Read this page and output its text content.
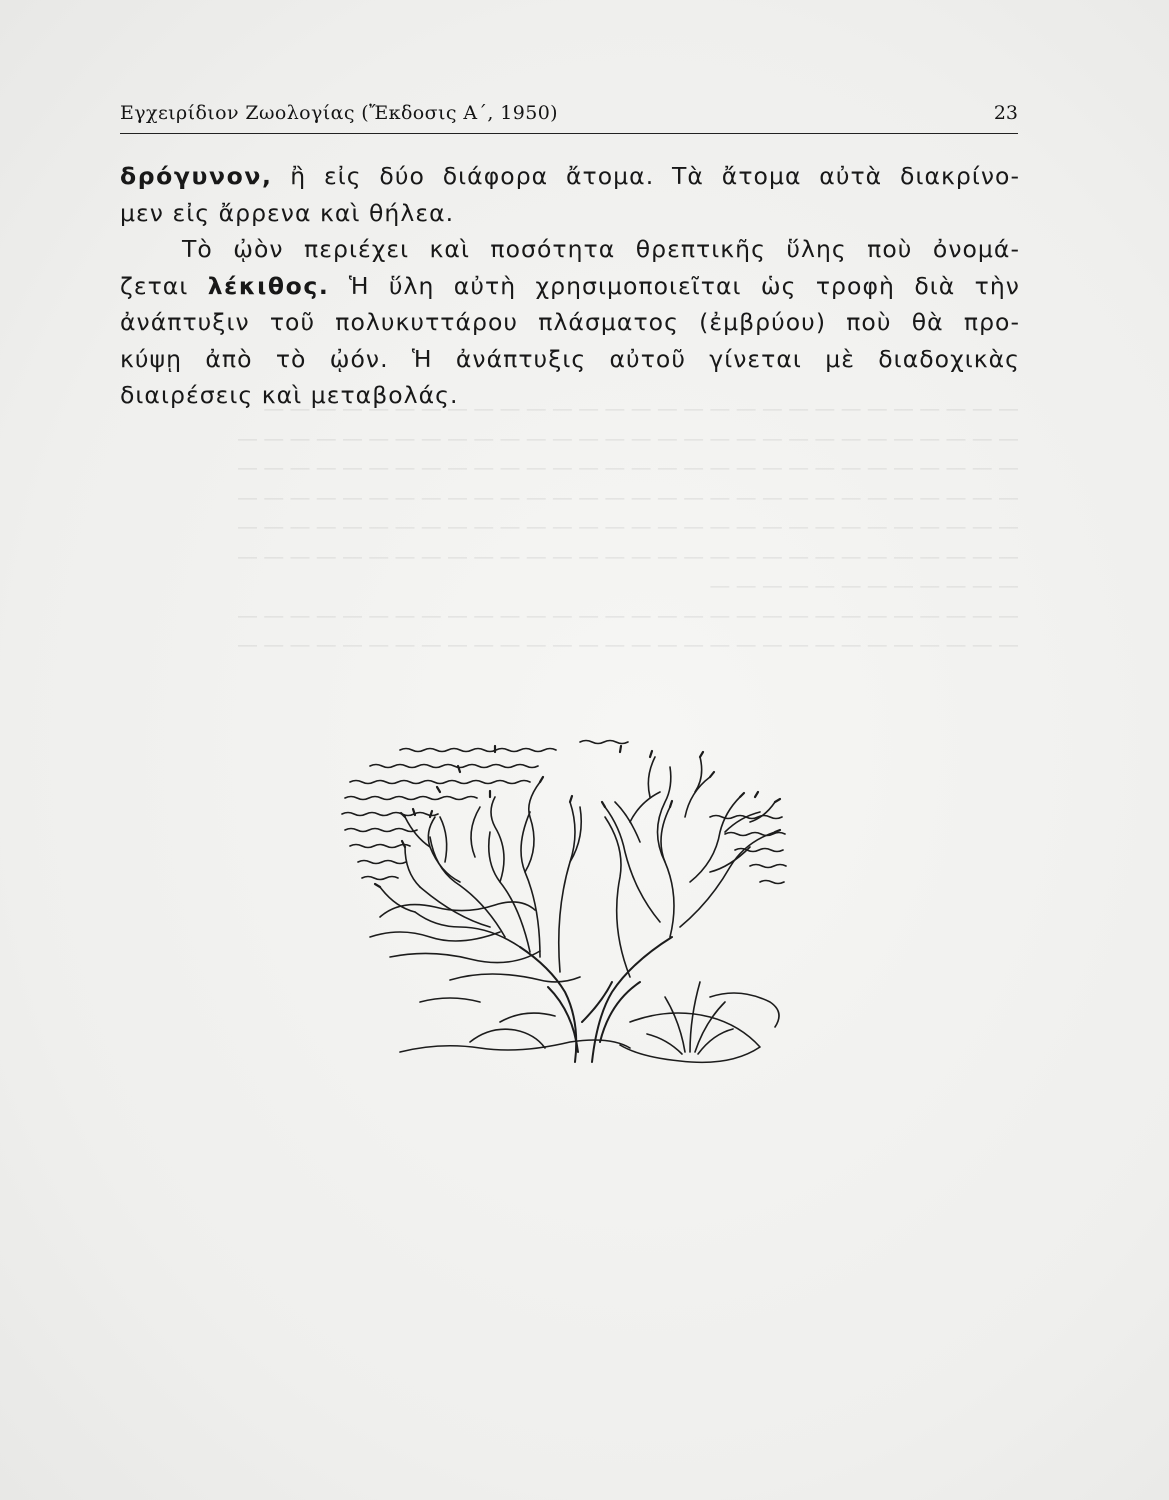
― ― ― ― ― ― ― ― ― ― ― ― ― ― ― ― ― ― ― ― ― ― ― ― ― ― ― ― ―
― ― ― ― ― ― ― ― ― ― ― ― ― ― ― ― ― ― ― ― ― ― ― ― ― ― ― ― ― ―
― ― ― ― ― ― ― ― ― ― ― ― ― ― ― ― ― ― ― ― ― ― ― ― ― ― ― ― ― ―
― ― ― ― ― ― ― ― ― ― ― ― ― ― ― ― ― ― ― ― ― ― ― ― ― ― ― ― ― ―
― ― ― ― ― ― ― ― ― ― ― ― ― ― ― ― ― ― ― ― ― ― ― ― ― ― ― ― ― ―
― ― ― ― ― ― ― ― ― ― ― ― ― ― ― ― ― ― ― ― ― ― ― ― ― ― ― ― ― ―
― ― ― ― ― ― ― ― ― ― ― ―
― ― ― ― ― ― ― ― ― ― ― ― ― ― ― ― ― ― ― ― ― ― ― ― ― ― ― ― ― ―
― ― ― ― ― ― ― ― ― ― ― ― ― ― ― ― ― ― ― ― ― ― ― ― ― ― ― ― ― ―
Εγχειρίδιον Ζωολογίας (Ἔκδοσις Α΄, 1950)	23
δρόγυνον, ἢ εἰς δύο διάφορα ἄτομα. Τὰ ἄτομα αὐτὰ διακρίνο-
μεν εἰς ἄρρενα καὶ θήλεα.
Τὸ ᾠὸν περιέχει καὶ ποσότητα θρεπτικῆς ὕλης ποὺ ὀνομά-
ζεται λέκιθος. Ἡ ὕλη αὐτὴ χρησιμοποιεῖται ὡς τροφὴ διὰ τὴν
ἀνάπτυξιν τοῦ πολυκυττάρου πλάσματος (ἐμβρύου) ποὺ θὰ προ-
κύψῃ ἀπὸ τὸ ᾠόν. Ἡ ἀνάπτυξις αὐτοῦ γίνεται μὲ διαδοχικὰς
διαιρέσεις καὶ μεταβολάς.
